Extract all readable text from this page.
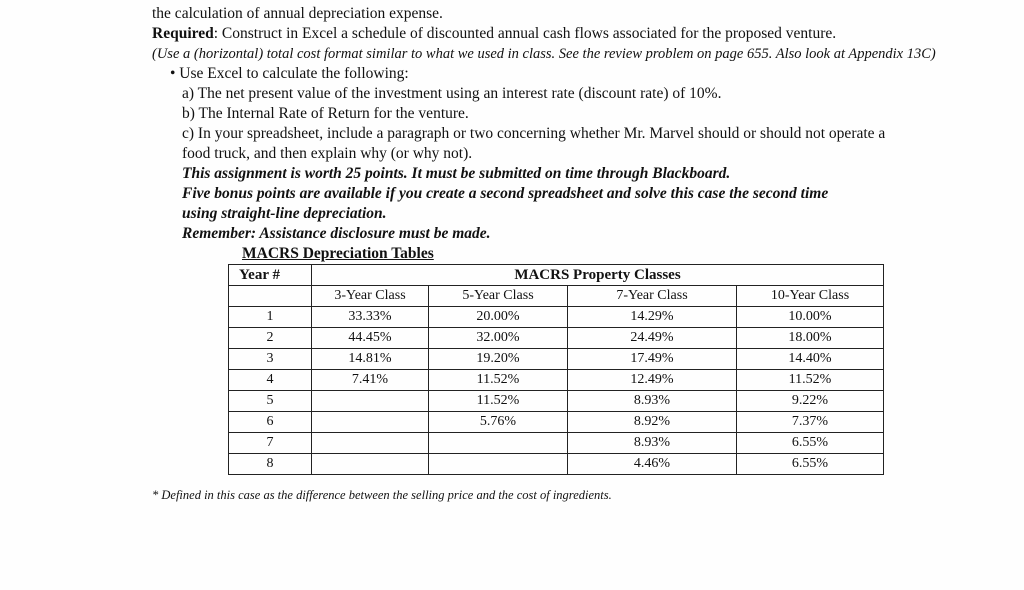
the calculation of annual depreciation expense.
Required: Construct in Excel a schedule of discounted annual cash flows associated for the proposed venture.
(Use a (horizontal) total cost format similar to what we used in class. See the review problem on page 655. Also look at Appendix 13C)
• Use Excel to calculate the following:
a) The net present value of the investment using an interest rate (discount rate) of 10%.
b) The Internal Rate of Return for the venture.
c) In your spreadsheet, include a paragraph or two concerning whether Mr. Marvel should or should not operate a
food truck, and then explain why (or why not).
This assignment is worth 25 points. It must be submitted on time through Blackboard.
Five bonus points are available if you create a second spreadsheet and solve this case the second time
using straight-line depreciation.
Remember: Assistance disclosure must be made.
MACRS Depreciation Tables
Year #	MACRS Property Classes			
	3-Year Class	5-Year Class	7-Year Class	10-Year Class
1	33.33%	20.00%	14.29%	10.00%
2	44.45%	32.00%	24.49%	18.00%
3	14.81%	19.20%	17.49%	14.40%
4	7.41%	11.52%	12.49%	11.52%
5		11.52%	8.93%	9.22%
6		5.76%	8.92%	7.37%
7			8.93%	6.55%
8			4.46%	6.55%
* Defined in this case as the difference between the selling price and the cost of ingredients.
